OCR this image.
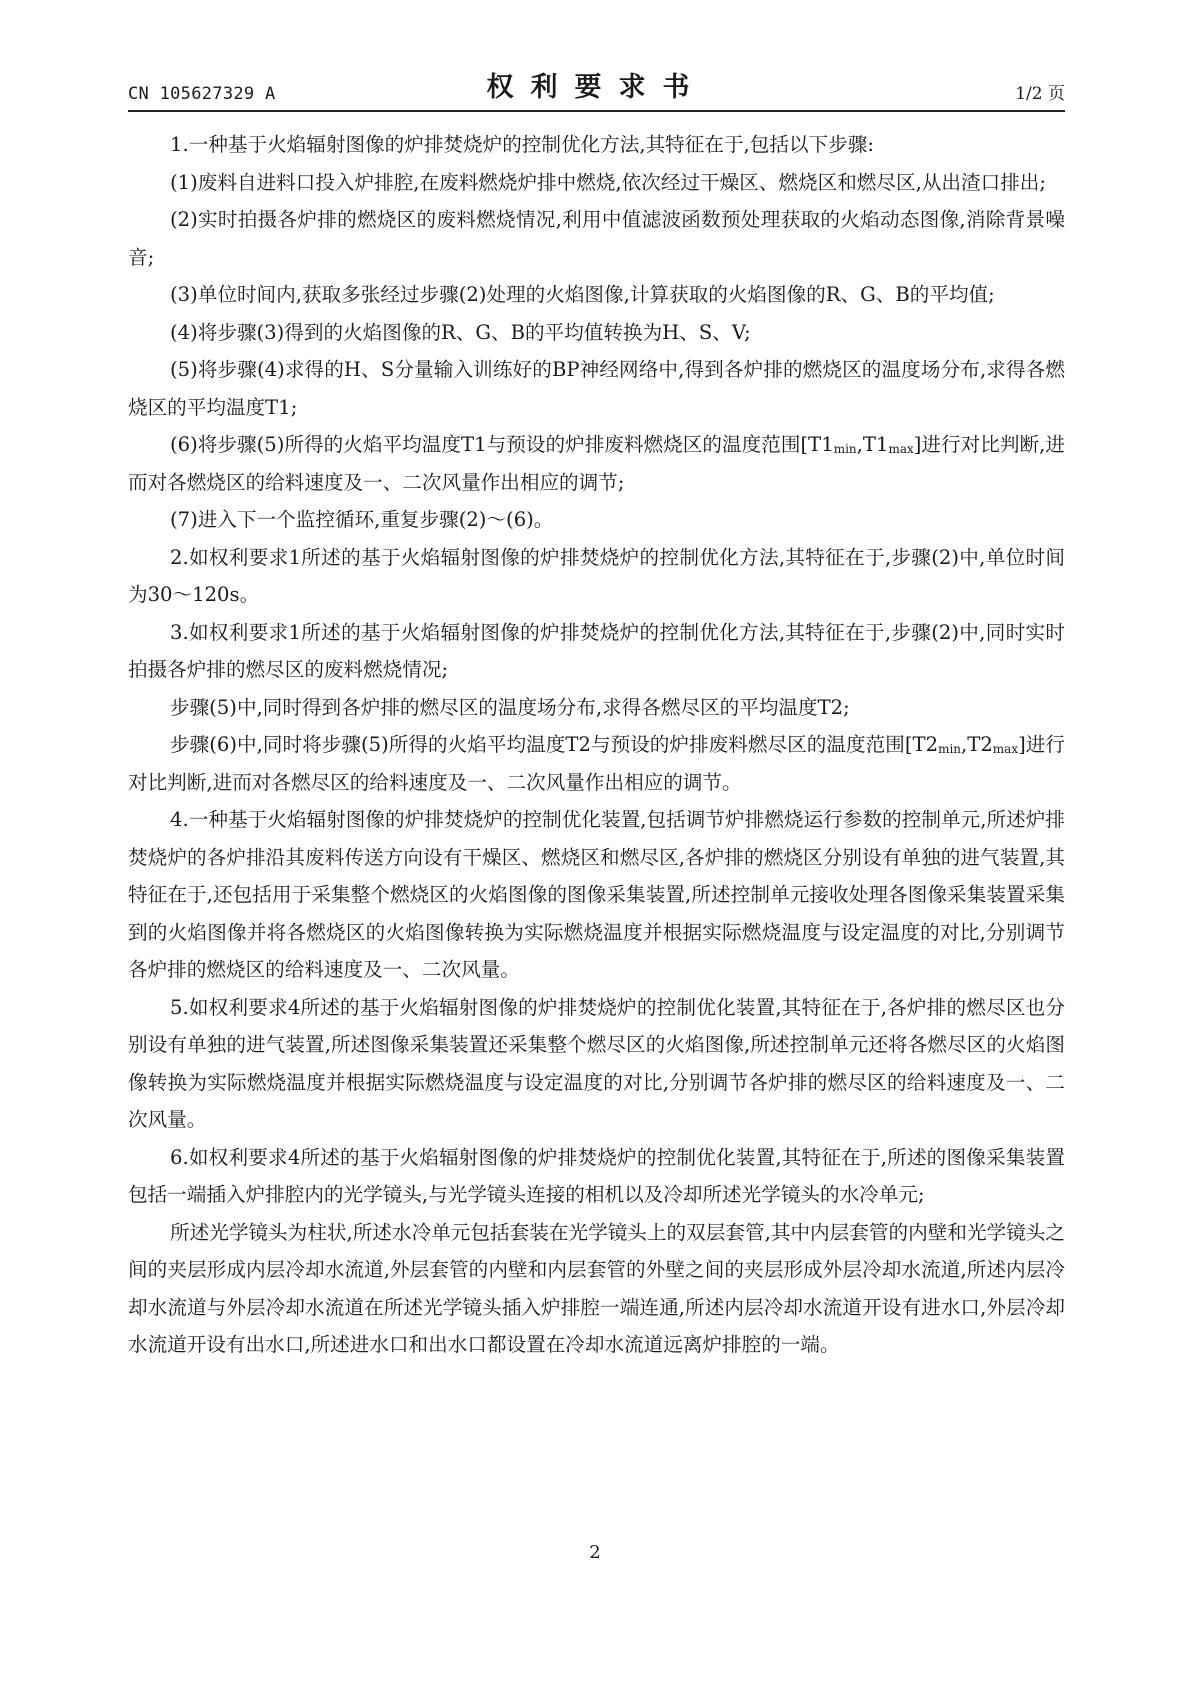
CN 105627329 A	权利要求书	1/2 页

1.一种基于火焰辐射图像的炉排焚烧炉的控制优化方法,其特征在于,包括以下步骤:

(1)废料自进料口投入炉排腔,在废料燃烧炉排中燃烧,依次经过干燥区、燃烧区和燃尽区,从出渣口排出;

(2)实时拍摄各炉排的燃烧区的废料燃烧情况,利用中值滤波函数预处理获取的火焰动态图像,消除背景噪音;

(3)单位时间内,获取多张经过步骤(2)处理的火焰图像,计算获取的火焰图像的R、G、B的平均值;

(4)将步骤(3)得到的火焰图像的R、G、B的平均值转换为H、S、V;

(5)将步骤(4)求得的H、S分量输入训练好的BP神经网络中,得到各炉排的燃烧区的温度场分布,求得各燃烧区的平均温度T1;

(6)将步骤(5)所得的火焰平均温度T1与预设的炉排废料燃烧区的温度范围$[T1_{min},T1_{max}]$进行对比判断,进而对各燃烧区的给料速度及一、二次风量作出相应的调节;

(7)进入下一个监控循环,重复步骤(2)～(6)。

2.如权利要求1所述的基于火焰辐射图像的炉排焚烧炉的控制优化方法,其特征在于,步骤(2)中,单位时间为30～120s。

3.如权利要求1所述的基于火焰辐射图像的炉排焚烧炉的控制优化方法,其特征在于,步骤(2)中,同时实时拍摄各炉排的燃尽区的废料燃烧情况;

步骤(5)中,同时得到各炉排的燃尽区的温度场分布,求得各燃尽区的平均温度T2;

步骤(6)中,同时将步骤(5)所得的火焰平均温度T2与预设的炉排废料燃尽区的温度范围$[T2_{min},T2_{max}]$进行对比判断,进而对各燃尽区的给料速度及一、二次风量作出相应的调节。

4.一种基于火焰辐射图像的炉排焚烧炉的控制优化装置,包括调节炉排燃烧运行参数的控制单元,所述炉排焚烧炉的各炉排沿其废料传送方向设有干燥区、燃烧区和燃尽区,各炉排的燃烧区分别设有单独的进气装置,其特征在于,还包括用于采集整个燃烧区的火焰图像的图像采集装置,所述控制单元接收处理各图像采集装置采集到的火焰图像并将各燃烧区的火焰图像转换为实际燃烧温度并根据实际燃烧温度与设定温度的对比,分别调节各炉排的燃烧区的给料速度及一、二次风量。

5.如权利要求4所述的基于火焰辐射图像的炉排焚烧炉的控制优化装置,其特征在于,各炉排的燃尽区也分别设有单独的进气装置,所述图像采集装置还采集整个燃尽区的火焰图像,所述控制单元还将各燃尽区的火焰图像转换为实际燃烧温度并根据实际燃烧温度与设定温度的对比,分别调节各炉排的燃尽区的给料速度及一、二次风量。

6.如权利要求4所述的基于火焰辐射图像的炉排焚烧炉的控制优化装置,其特征在于,所述的图像采集装置包括一端插入炉排腔内的光学镜头,与光学镜头连接的相机以及冷却所述光学镜头的水冷单元;

所述光学镜头为柱状,所述水冷单元包括套装在光学镜头上的双层套管,其中内层套管的内壁和光学镜头之间的夹层形成内层冷却水流道,外层套管的内壁和内层套管的外壁之间的夹层形成外层冷却水流道,所述内层冷却水流道与外层冷却水流道在所述光学镜头插入炉排腔一端连通,所述内层冷却水流道开设有进水口,外层冷却水流道开设有出水口,所述进水口和出水口都设置在冷却水流道远离炉排腔的一端。

2
